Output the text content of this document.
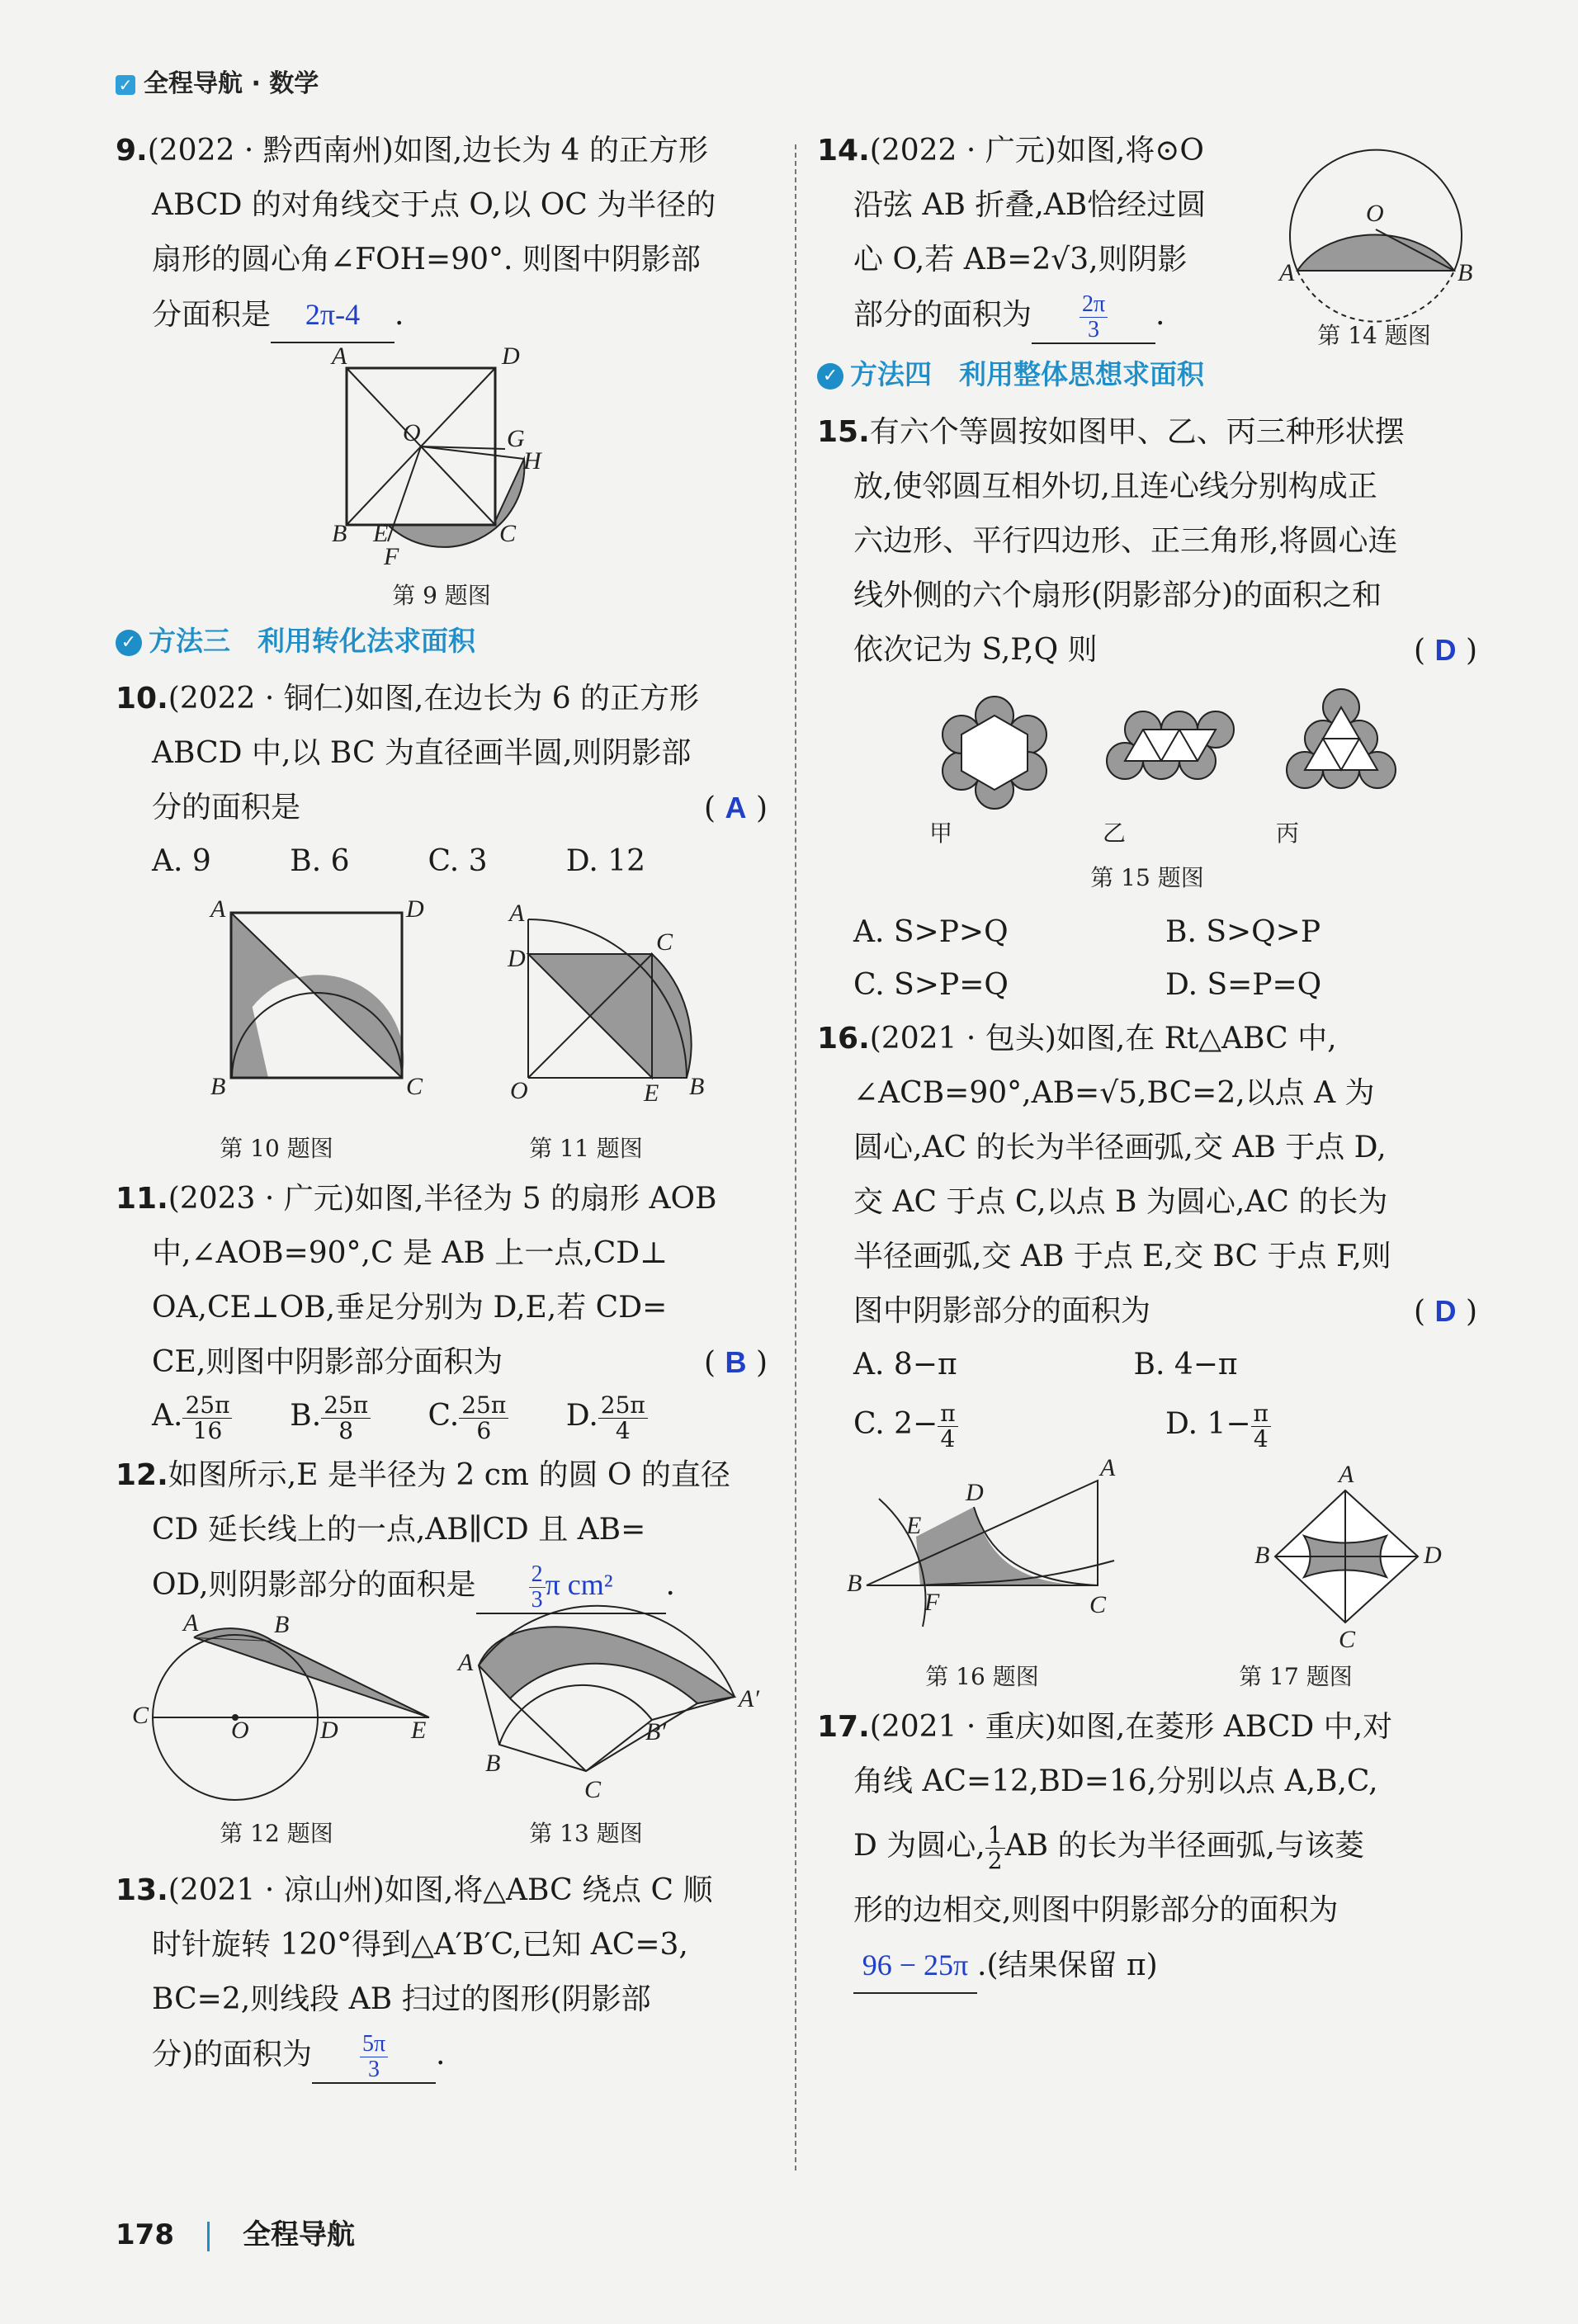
✓ 全程导航 · 数学

9.(2022 · 黔西南州)如图,边长为 4 的正方形

ABCD 的对角线交于点 O,以 OC 为半径的

扇形的圆心角∠FOH=90°. 则图中阴影部

分面积是 2π-4 .

A	D
O	G
H
B E	C
F
第 9 题图
✓ 方法三　利用转化法求面积

10.(2022 · 铜仁)如图,在边长为 6 的正方形

ABCD 中,以 BC 为直径画半圆,则阴影部

分的面积是	( A )

A. 9	B. 6	C. 3	D. 12
A	D
B	C
A
D
C
O	E B
第 10 题图	第 11 题图

11.(2023 · 广元)如图,半径为 5 的扇形 AOB

中,∠AOB=90°,C 是 AB 上一点,CD⊥

OA,CE⊥OB,垂足分别为 D,E,若 CD=

CE,则图中阴影部分面积为	( B )

A. $\frac{25\pi}{16} B$. $\frac{25\pi}{8} C$. $\frac{25\pi}{6} D$. $\frac{25\pi}{4}$

12.如图所示,E 是半径为 2 cm 的圆 O 的直径

CD 延长线上的一点,AB∥CD 且 AB=

OD,则阴影部分的面积是 $\frac{2}{3}$ π cm² .

A	B
C
O	D	E
A
B
C
B′
A′
第 12 题图	第 13 题图

13.(2021 · 凉山州)如图,将△ABC 绕点 C 顺

时针旋转 120°得到△A′B′C,已知 AC=3,

BC=2,则线段 AB 扫过的图形(阴影部

分)的面积为 $\frac{5\pi}{3}$ .

14.(2022 · 广元)如图,将⊙O

沿弦 AB 折叠,AB恰经过圆

心 O,若 AB=2√3,则阴影

部分的面积为 $\frac{2\pi}{3}$ .

O
A	B
第 14 题图
✓ 方法四　利用整体思想求面积

15.有六个等圆按如图甲、乙、丙三种形状摆

放,使邻圆互相外切,且连心线分别构成正

六边形、平行四边形、正三角形,将圆心连

线外侧的六个扇形(阴影部分)的面积之和

依次记为 S,P,Q 则	( D )

甲	乙	丙
第 15 题图
A. S>P>Q	B. S>Q>P
C. S>P=Q	D. S=P=Q

16.(2021 · 包头)如图,在 Rt△ABC 中,

∠ACB=90°,AB=√5,BC=2,以点 A 为

圆心,AC 的长为半径画弧,交 AB 于点 D,

交 AC 于点 C,以点 B 为圆心,AC 的长为

半径画弧,交 AB 于点 E,交 BC 于点 F,则

图中阴影部分的面积为	( D )

A. 8−π	B. 4−π
C. $2- \frac{\pi}{4}$	D. $1- \frac{\pi}{4}$
A
D
E
B
F	C
A
B	D
C
第 16 题图	第 17 题图

17.(2021 · 重庆)如图,在菱形 ABCD 中,对

角线 AC=12,BD=16,分别以点 A,B,C,

D 为圆心, $\frac{1}{2}$ AB 的长为半径画弧,与该菱

形的边相交,则图中阴影部分的面积为

96 − 25π .(结果保留 π)

178 全程导航
